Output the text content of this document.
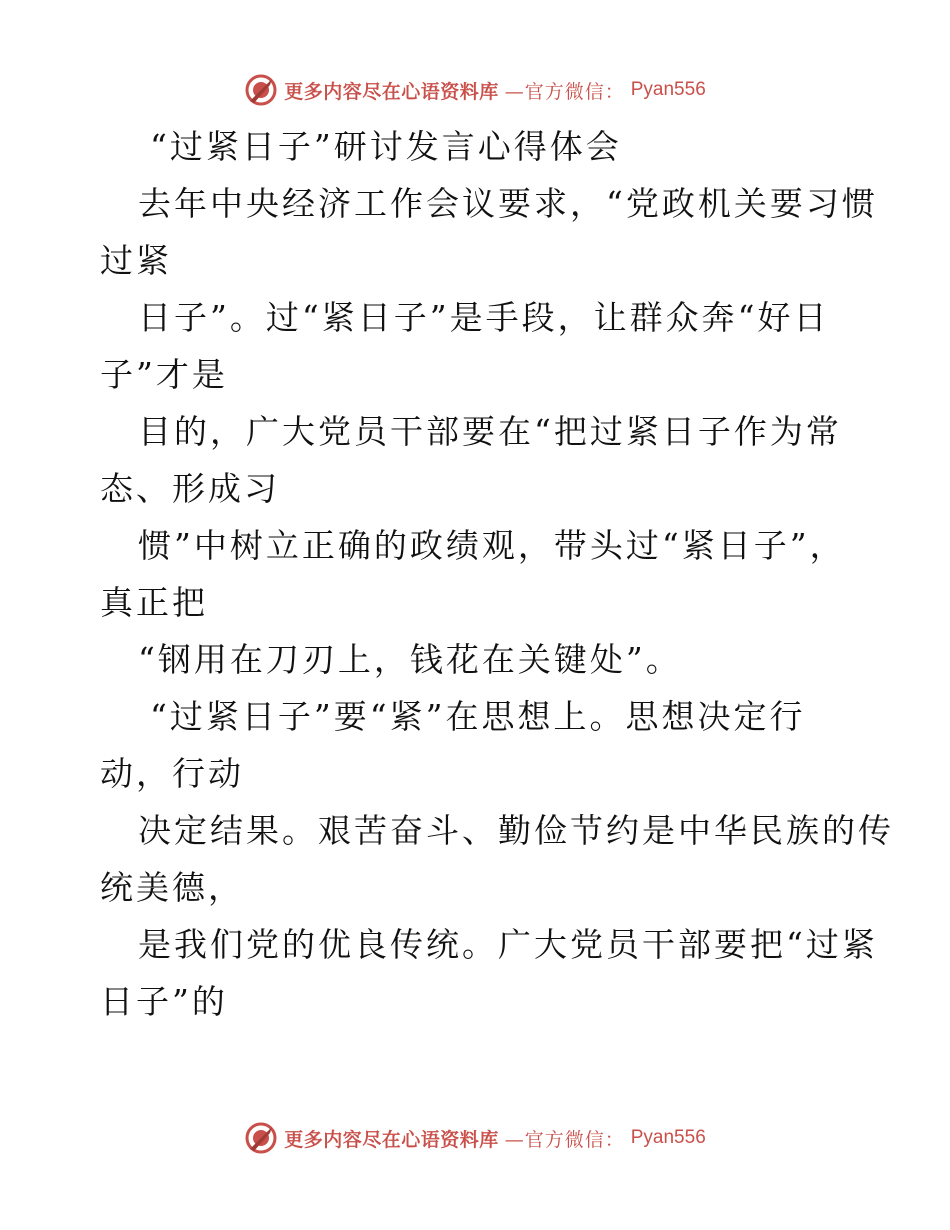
更多内容尽在心语资料库 —官方微信： Pyan556
“过紧日子”研讨发言心得体会
去年中央经济工作会议要求，“党政机关要习惯
过紧
日子”。过“紧日子”是手段，让群众奔“好日
子”才是
目的，广大党员干部要在“把过紧日子作为常
态、形成习
惯”中树立正确的政绩观，带头过“紧日子”，
真正把
“钢用在刀刃上，钱花在关键处”。
“过紧日子”要“紧”在思想上。思想决定行
动，行动
决定结果。艰苦奋斗、勤俭节约是中华民族的传
统美德，
是我们党的优良传统。广大党员干部要把“过紧
日子”的
更多内容尽在心语资料库 —官方微信： Pyan556
